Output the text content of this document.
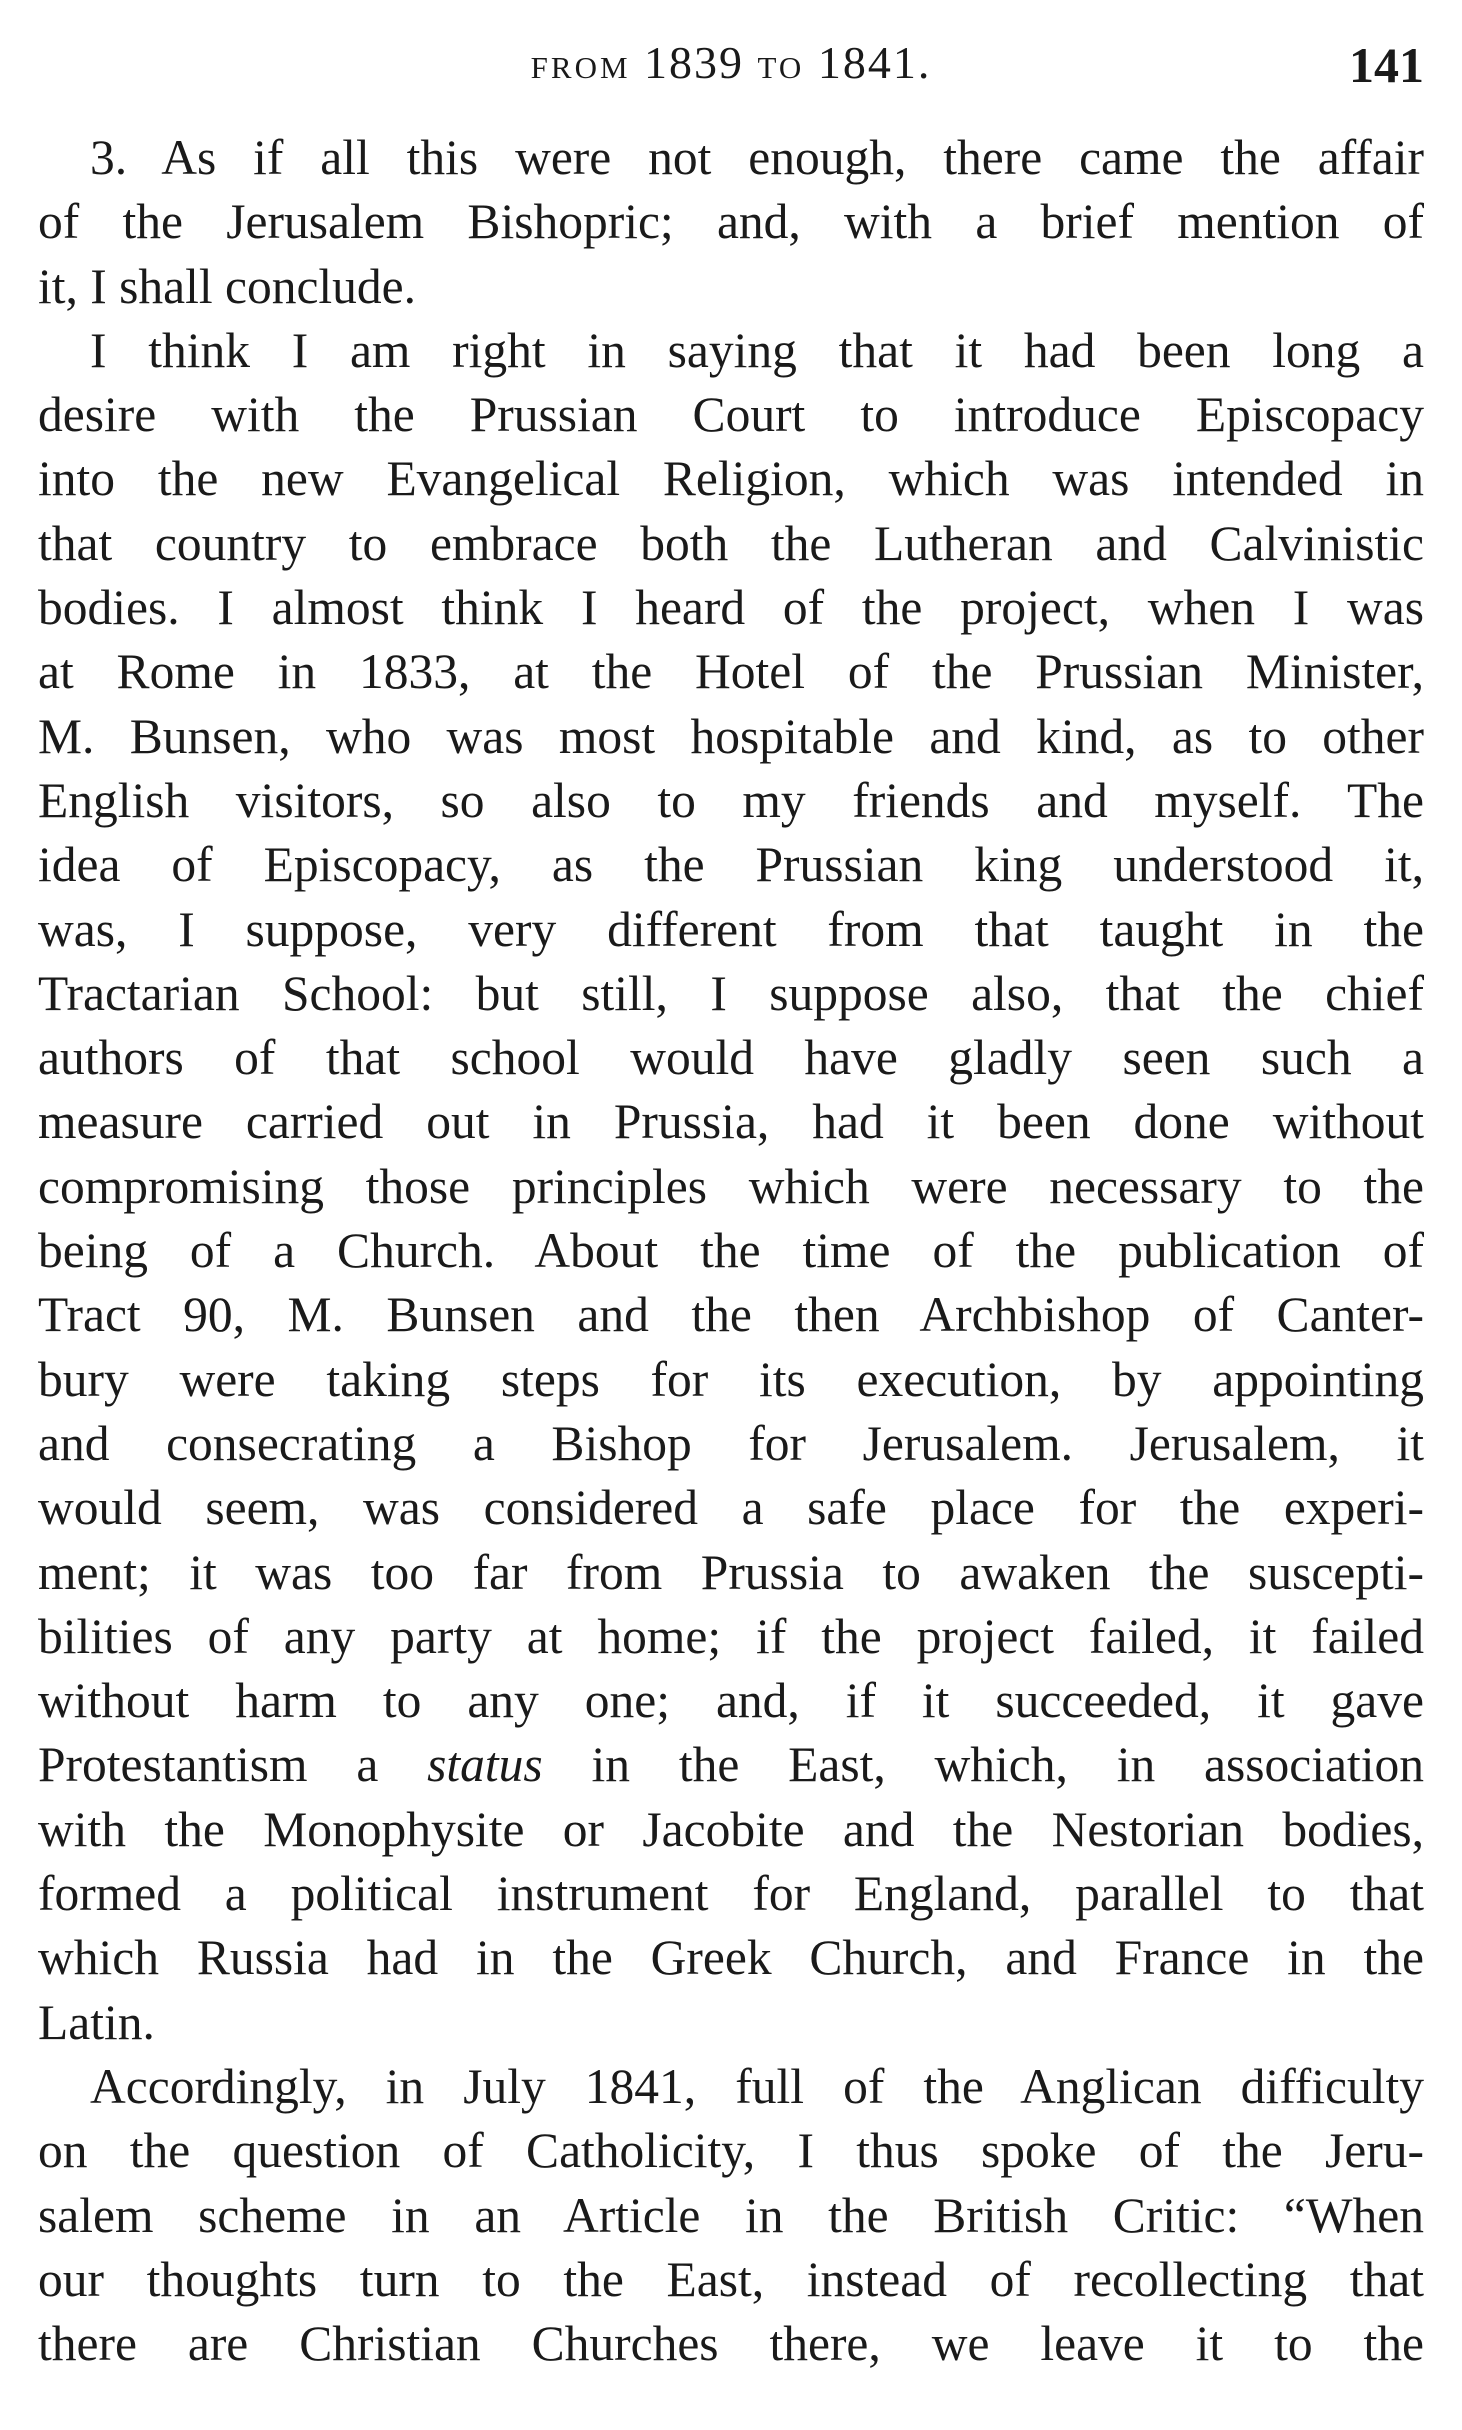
FROM 1839 TO 1841.	141
3. As if all this were not enough, there came the affair
of the Jerusalem Bishopric; and, with a brief mention of
it, I shall conclude.
I think I am right in saying that it had been long a
desire with the Prussian Court to introduce Episcopacy
into the new Evangelical Religion, which was intended in
that country to embrace both the Lutheran and Calvinistic
bodies. I almost think I heard of the project, when I was
at Rome in 1833, at the Hotel of the Prussian Minister,
M. Bunsen, who was most hospitable and kind, as to other
English visitors, so also to my friends and myself. The
idea of Episcopacy, as the Prussian king understood it,
was, I suppose, very different from that taught in the
Tractarian School: but still, I suppose also, that the chief
authors of that school would have gladly seen such a
measure carried out in Prussia, had it been done without
compromising those principles which were necessary to the
being of a Church. About the time of the publication of
Tract 90, M. Bunsen and the then Archbishop of Canter-
bury were taking steps for its execution, by appointing
and consecrating a Bishop for Jerusalem. Jerusalem, it
would seem, was considered a safe place for the experi-
ment; it was too far from Prussia to awaken the suscepti-
bilities of any party at home; if the project failed, it failed
without harm to any one; and, if it succeeded, it gave
Protestantism a status in the East, which, in association
with the Monophysite or Jacobite and the Nestorian bodies,
formed a political instrument for England, parallel to that
which Russia had in the Greek Church, and France in the
Latin.
Accordingly, in July 1841, full of the Anglican difficulty
on the question of Catholicity, I thus spoke of the Jeru-
salem scheme in an Article in the British Critic: “When
our thoughts turn to the East, instead of recollecting that
there are Christian Churches there, we leave it to the
